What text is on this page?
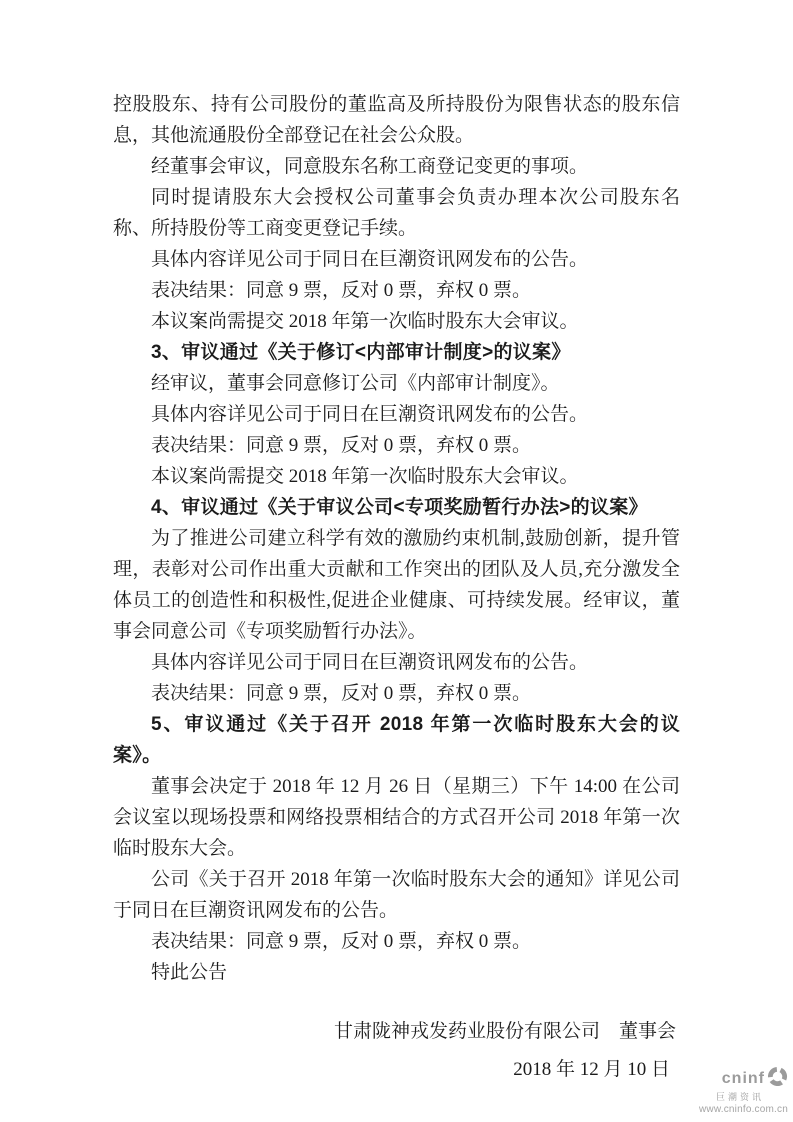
控股股东、持有公司股份的董监高及所持股份为限售状态的股东信息，其他流通股份全部登记在社会公众股。

经董事会审议，同意股东名称工商登记变更的事项。

同时提请股东大会授权公司董事会负责办理本次公司股东名称、所持股份等工商变更登记手续。

具体内容详见公司于同日在巨潮资讯网发布的公告。

表决结果：同意 9 票，反对 0 票，弃权 0 票。

本议案尚需提交 2018 年第一次临时股东大会审议。

3、审议通过《关于修订<内部审计制度>的议案》

经审议，董事会同意修订公司《内部审计制度》。

具体内容详见公司于同日在巨潮资讯网发布的公告。

表决结果：同意 9 票，反对 0 票，弃权 0 票。

本议案尚需提交 2018 年第一次临时股东大会审议。

4、审议通过《关于审议公司<专项奖励暂行办法>的议案》

为了推进公司建立科学有效的激励约束机制,鼓励创新，提升管理，表彰对公司作出重大贡献和工作突出的团队及人员,充分激发全体员工的创造性和积极性,促进企业健康、可持续发展。经审议，董事会同意公司《专项奖励暂行办法》。

具体内容详见公司于同日在巨潮资讯网发布的公告。

表决结果：同意 9 票，反对 0 票，弃权 0 票。

5、审议通过《关于召开 2018 年第一次临时股东大会的议案》。

董事会决定于 2018 年 12 月 26 日（星期三）下午 14:00 在公司会议室以现场投票和网络投票相结合的方式召开公司 2018 年第一次临时股东大会。

公司《关于召开 2018 年第一次临时股东大会的通知》详见公司于同日在巨潮资讯网发布的公告。

表决结果：同意 9 票，反对 0 票，弃权 0 票。

特此公告

甘肃陇神戎发药业股份有限公司　董事会

2018 年 12 月 10 日	cninf
巨潮资讯
www.cninfo.com.cn
